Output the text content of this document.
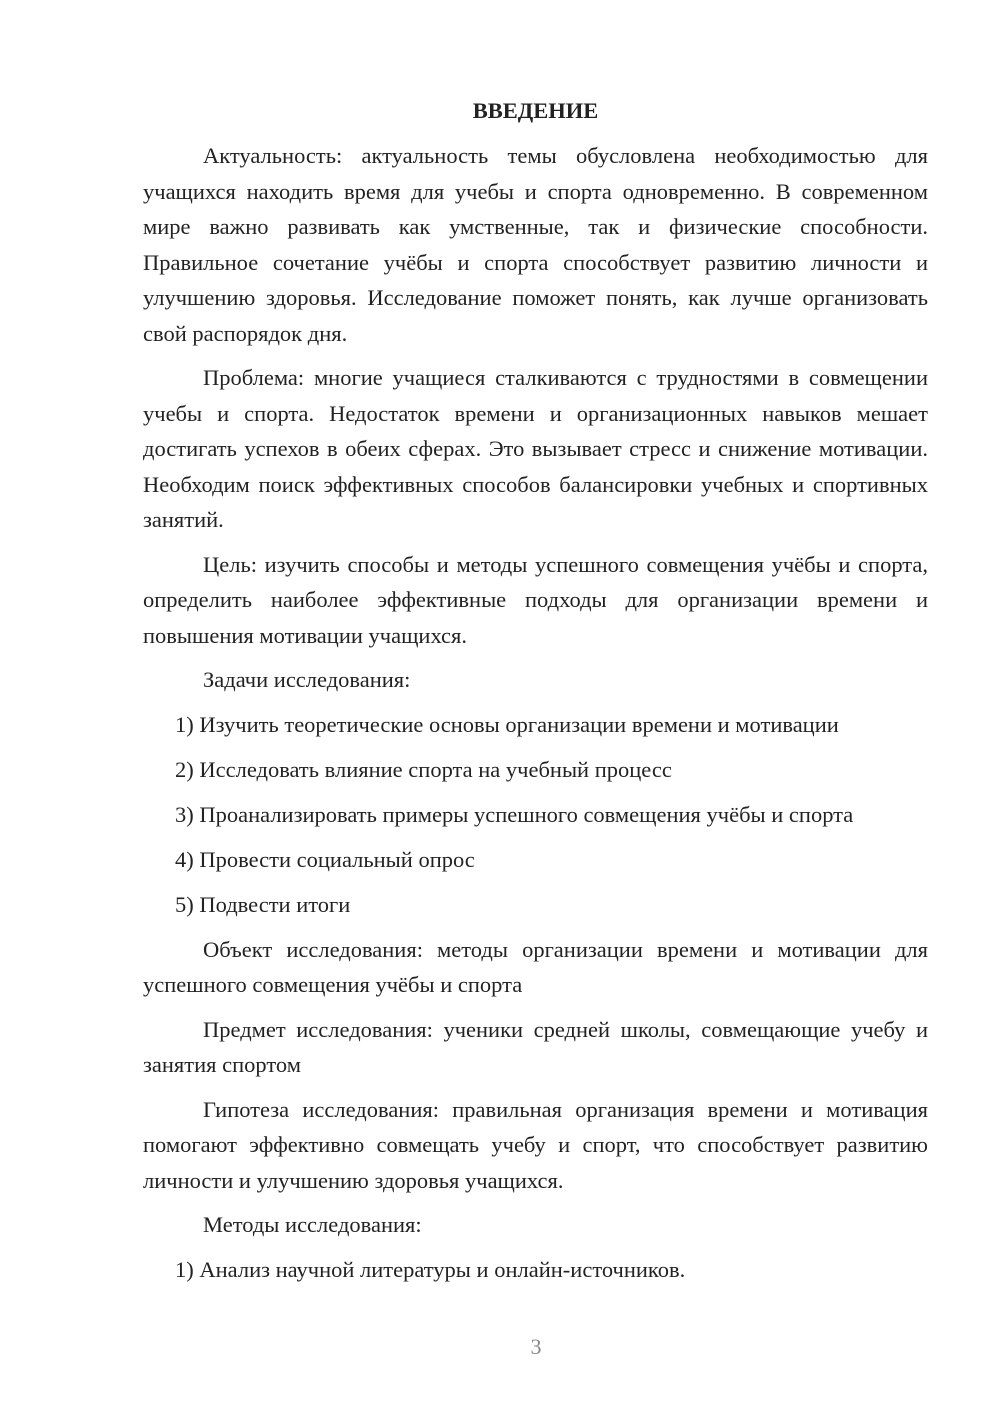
ВВЕДЕНИЕ

Актуальность: актуальность темы обусловлена необходимостью для учащихся находить время для учебы и спорта одновременно. В современном мире важно развивать как умственные, так и физические способности. Правильное сочетание учёбы и спорта способствует развитию личности и улучшению здоровья. Исследование поможет понять, как лучше организовать свой распорядок дня.

Проблема: многие учащиеся сталкиваются с трудностями в совмещении учебы и спорта. Недостаток времени и организационных навыков мешает достигать успехов в обеих сферах. Это вызывает стресс и снижение мотивации. Необходим поиск эффективных способов балансировки учебных и спортивных занятий.

Цель: изучить способы и методы успешного совмещения учёбы и спорта, определить наиболее эффективные подходы для организации времени и повышения мотивации учащихся.

Задачи исследования:

1) Изучить теоретические основы организации времени и мотивации

2) Исследовать влияние спорта на учебный процесс

3) Проанализировать примеры успешного совмещения учёбы и спорта

4) Провести социальный опрос

5) Подвести итоги

Объект исследования: методы организации времени и мотивации для успешного совмещения учёбы и спорта

Предмет исследования: ученики средней школы, совмещающие учебу и занятия спортом

Гипотеза исследования: правильная организация времени и мотивация помогают эффективно совмещать учебу и спорт, что способствует развитию личности и улучшению здоровья учащихся.

Методы исследования:

1) Анализ научной литературы и онлайн-источников.

3
